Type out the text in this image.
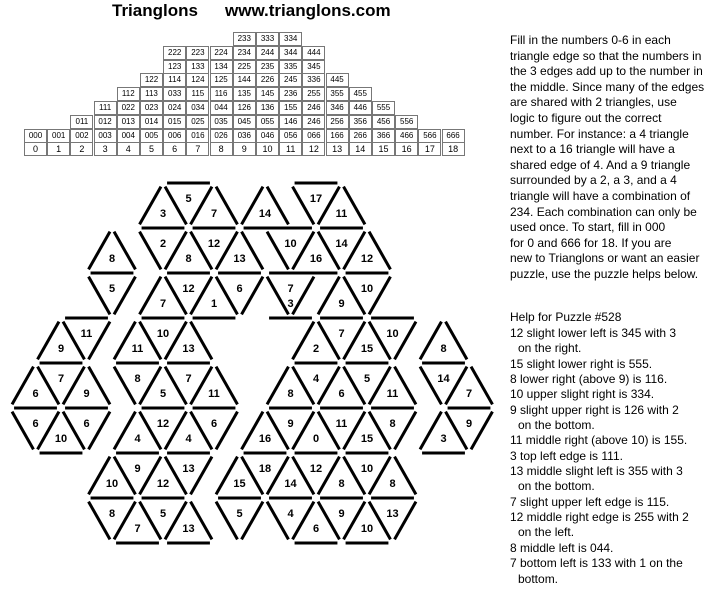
Trianglons www.trianglons.com
233	333	334
222	223	224	234	244	344	444
123	133	134	225	235	335	345
122	114	124	125	144	226	245	336	445
112	113	033	115	116	135	145	236	255	355	455
111	022	023	024	034	044	126	136	155	246	346	446	555
011	012	013	014	015	025	035	045	055	146	246	256	356	456	556
000	001	002	003	004	005	006	016	026	036	046	056	066	166	266	366	466	566	666
0	1	2	3	4	5	6	7	8	9	10	11	12	13	14	15	16	17	18
5	17
3	7	14	11
2	12	10	14
8	8	13	16	12
5	12	6	7	10
7	1	3	9
11	10	7	10
9	11	13	2	15	8
7	8	7	4	5	14
6	9	5	11	8	6	11	7
6	6	12	6	9	11	8	9
10	4	4	16	0	15	3
9	13	18	12	10
10	12	15	14	8	8
8	5	5	4	9	13
7	13	6	10
Fill in the numbers 0-6 in each
triangle edge so that the numbers in
the 3 edges add up to the number in
the middle. Since many of the edges
are shared with 2 triangles, use
logic to figure out the correct
number. For instance: a 4 triangle
next to a 16 triangle will have a
shared edge of 4. And a 9 triangle
surrounded by a 2, a 3, and a 4
triangle will have a combination of
234. Each combination can only be
used once. To start, fill in 000
for 0 and 666 for 18. If you are
new to Trianglons or want an easier
puzzle, use the puzzle helps below.
Help for Puzzle #528
12 slight lower left is 345 with 3
on the right.
15 slight lower right is 555.
8 lower right (above 9) is 116.
10 upper slight right is 334.
9 slight upper right is 126 with 2
on the bottom.
11 middle right (above 10) is 155.
3 top left edge is 111.
13 middle slight left is 355 with 3
on the bottom.
7 slight upper left edge is 115.
12 middle right edge is 255 with 2
on the left.
8 middle left is 044.
7 bottom left is 133 with 1 on the
bottom.
